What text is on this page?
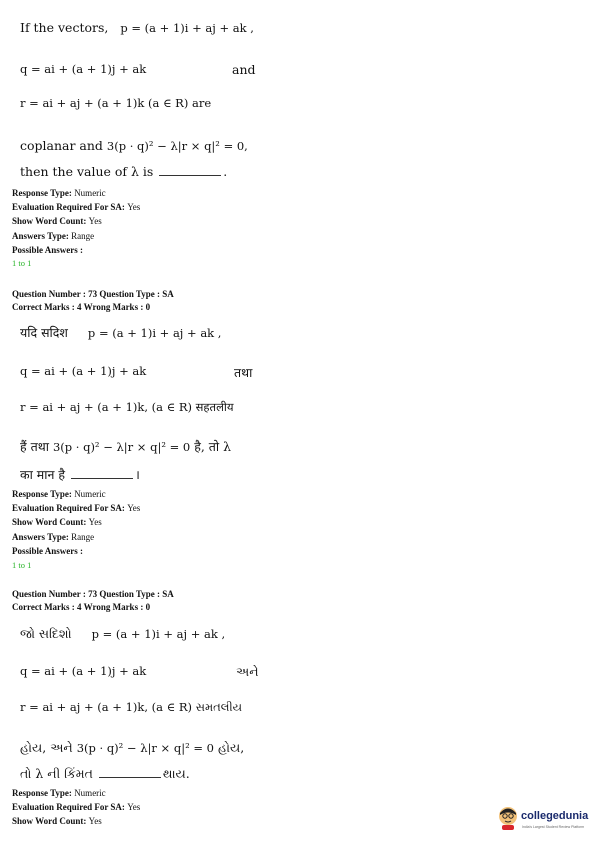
If the vectors, p = (a + 1)i + aj + ak ,
q = ai + (a + 1)j + ak	and
r = ai + aj + (a + 1)k (a ∈ R) are
coplanar and 3(p · q)² − λ|r × q|² = 0,
then the value of λ is	.
Response Type: Numeric
Evaluation Required For SA: Yes
Show Word Count: Yes
Answers Type: Range
Possible Answers :
1 to 1
Question Number : 73 Question Type : SA
Correct Marks : 4 Wrong Marks : 0
यदि सदिश p = (a + 1)i + aj + ak ,
q = ai + (a + 1)j + ak	तथा
r = ai + aj + (a + 1)k, (a ∈ R) सहतलीय
हैं तथा 3(p · q)² − λ|r × q|² = 0 है, तो λ
का मान है	।
Response Type: Numeric
Evaluation Required For SA: Yes
Show Word Count: Yes
Answers Type: Range
Possible Answers :
1 to 1
Question Number : 73 Question Type : SA
Correct Marks : 4 Wrong Marks : 0
જો સદિશો p = (a + 1)i + aj + ak ,
q = ai + (a + 1)j + ak	અને
r = ai + aj + (a + 1)k, (a ∈ R) સમતલીય
હોય, અને 3(p · q)² − λ|r × q|² = 0 હોય,
તો λ ની કિંમત	થાય.
Response Type: Numeric
Evaluation Required For SA: Yes
Show Word Count: Yes	collegedunia
India's Largest Student Review Platform
